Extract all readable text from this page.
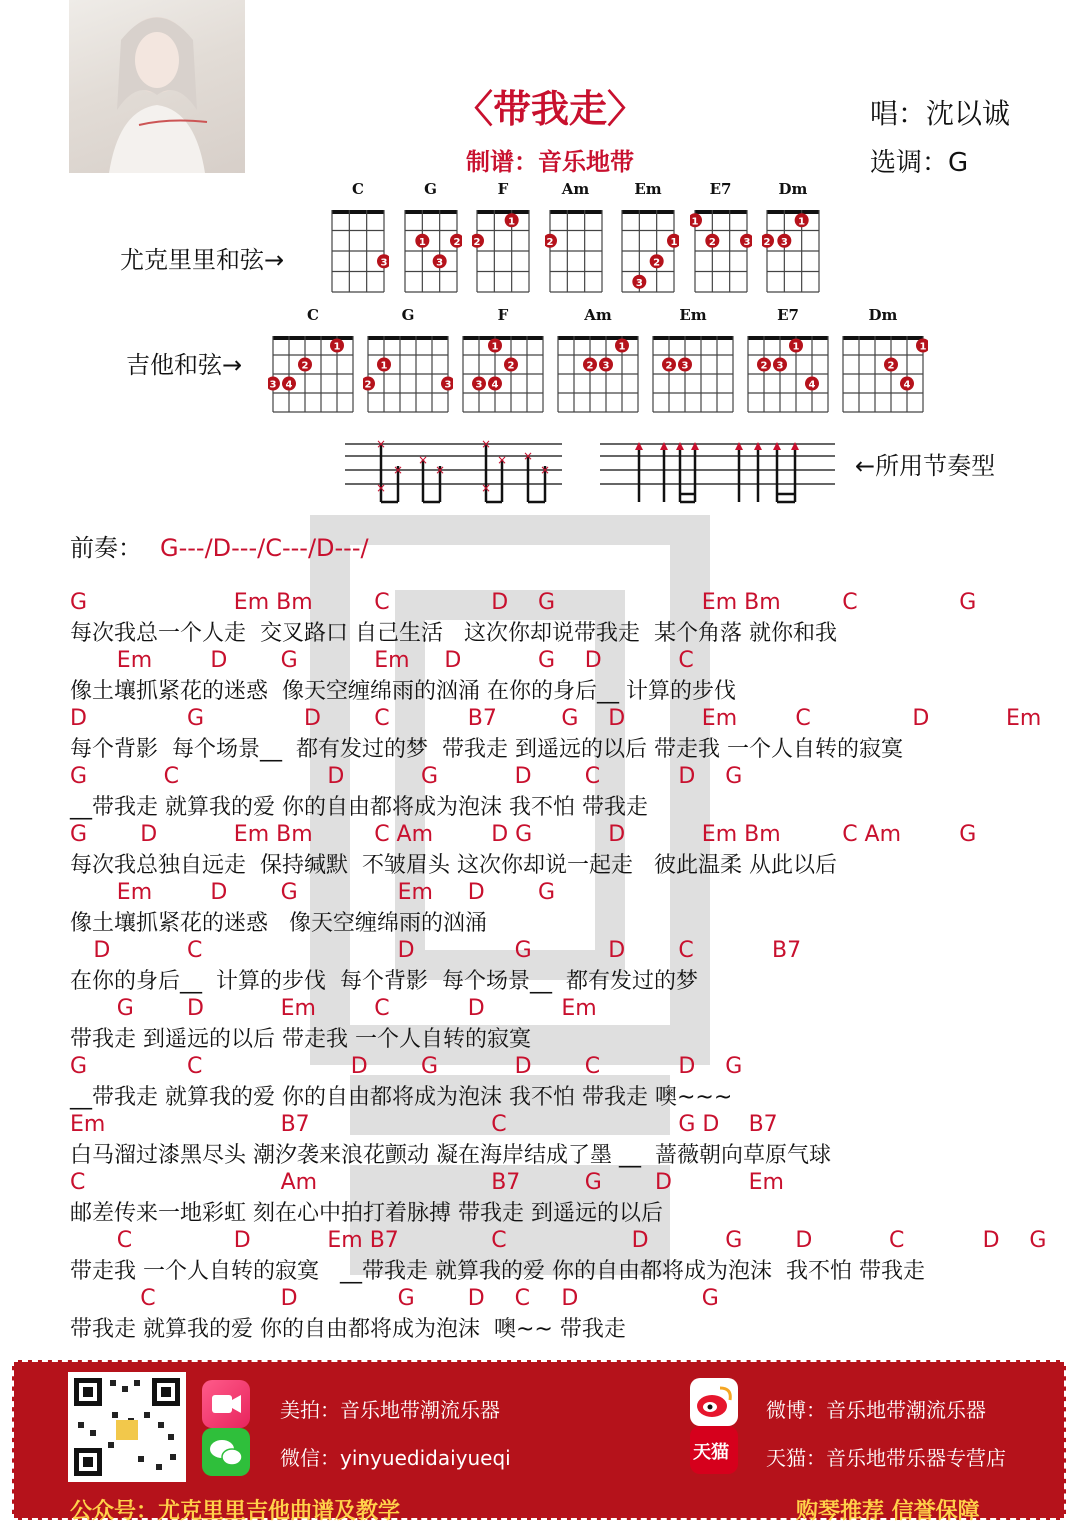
〈带我走〉
制谱：音乐地带
唱：沈以诚
选调：G
尤克里里和弦→
吉他和弦→
C
3
G
1	2
3
F
1
2
Am
2
Em
1
2
3
E7
1
2	3
Dm
1
2 3
C
1
2
3 4
G
1
2	3
F
1
2
3 4
Am
1
2 3
Em
2 3
E7
1
2 3
4
Dm
1
2
4
×
×
×
×
×
×
×
× ×
×	←所用节奏型
前奏： G---/D---/C---/D---/
G	Em Bm	C	D G	Em Bm	C	G
每次我总一个人走  交叉路口 自己生活   这次你却说带我走  某个角落 就你和我
Em	D G	Em D	G D	C
像土壤抓紧花的迷惑  像天空缠绵雨的汹涌 在你的身后__ 计算的步伐
D	G	D C	B7	G D	Em	C	D	Em
每个背影  每个场景__  都有发过的梦  带我走 到遥远的以后 带走我 一个人自转的寂寞
G	C	D	G	D C	D G
__带我走 就算我的爱 你的自由都将成为泡沫 我不怕 带我走
G D	Em Bm	C Am	D G	D	Em Bm	C Am	G
每次我总独自远走  保持缄默  不皱眉头 这次你却说一起走   彼此温柔 从此以后
Em	D G	Em D G
像土壤抓紧花的迷惑   像天空缠绵雨的汹涌
D	C	D	G	D C	B7
在你的身后__  计算的步伐  每个背影  每个场景__  都有发过的梦
G D	Em	C	D	Em
带我走 到遥远的以后 带走我 一个人自转的寂寞
G	C	D G	D C	D G
__带我走 就算我的爱 你的自由都将成为泡沫 我不怕 带我走 噢~~~
Em	B7	C	G D B7
白马溜过漆黑尽头 潮汐袭来浪花颤动 凝在海岸结成了墨 __  蔷薇朝向草原气球
C	Am	B7	G D	Em
邮差传来一地彩虹 刻在心中拍打着脉搏 带我走 到遥远的以后
C	D	Em B7	C	D	G D	C	D G
带走我 一个人自转的寂寞   __带我走 就算我的爱 你的自由都将成为泡沫  我不怕 带我走
C	D	G D C D	G
带我走 就算我的爱 你的自由都将成为泡沫  噢~~ 带我走
美拍：音乐地带潮流乐器
微信：yinyuedidaiyueqi
微博：音乐地带潮流乐器
天猫 天猫：音乐地带乐器专营店
公众号：尤克里里吉他曲谱及教学	购琴推荐 信誉保障
